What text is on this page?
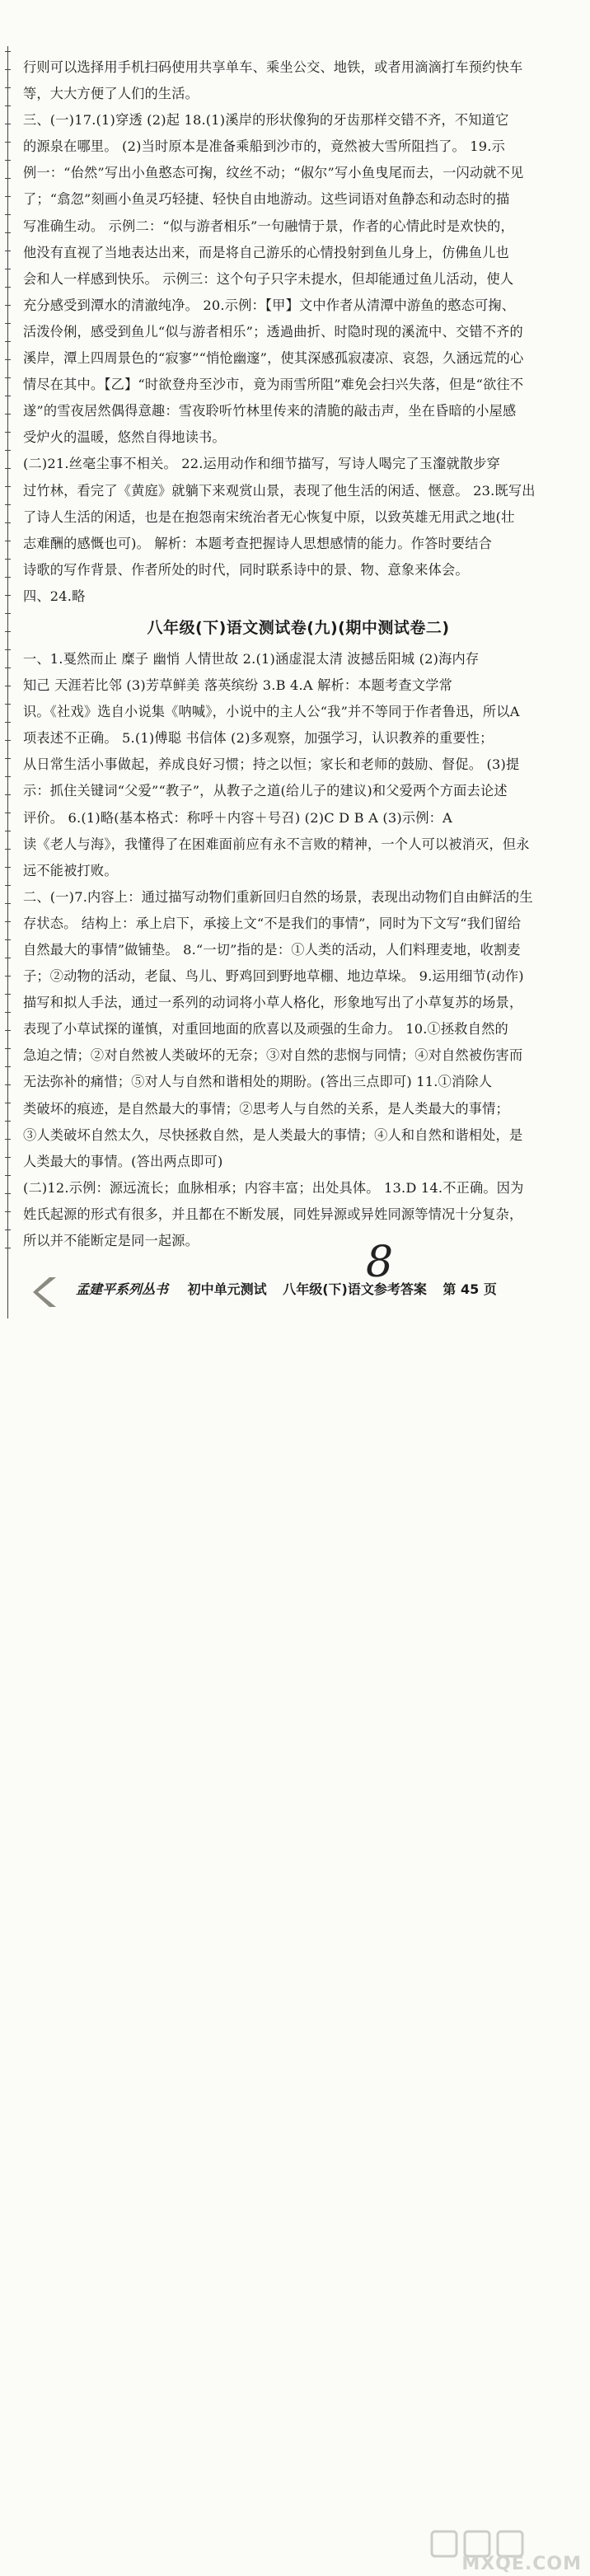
行则可以选择用手机扫码使用共享单车、乘坐公交、地铁，或者用滴滴打车预约快车
等，大大方便了人们的生活。
三、(一)17.(1)穿透 (2)起 18.(1)溪岸的形状像狗的牙齿那样交错不齐，不知道它
的源泉在哪里。 (2)当时原本是准备乘船到沙市的，竟然被大雪所阻挡了。 19.示
例一：“佁然”写出小鱼憨态可掬，纹丝不动；“俶尔”写小鱼曳尾而去，一闪动就不见
了；“翕忽”刻画小鱼灵巧轻捷、轻快自由地游动。这些词语对鱼静态和动态时的描
写准确生动。 示例二：“似与游者相乐”一句融情于景，作者的心情此时是欢快的，
他没有直视了当地表达出来，而是将自己游乐的心情投射到鱼儿身上，仿佛鱼儿也
会和人一样感到快乐。 示例三：这个句子只字未提水，但却能通过鱼儿活动，使人
充分感受到潭水的清澈纯净。 20.示例：【甲】文中作者从清潭中游鱼的憨态可掬、
活泼伶俐，感受到鱼儿“似与游者相乐”；透過曲折、时隐时现的溪流中、交错不齐的
溪岸，潭上四周景色的“寂寥”“悄怆幽邃”，使其深感孤寂凄凉、哀怨，久涵远荒的心
情尽在其中。【乙】“时欲登舟至沙市，竟为雨雪所阻”难免会扫兴失落，但是“欲往不
遂”的雪夜居然偶得意趣：雪夜聆听竹林里传来的清脆的敲击声，坐在昏暗的小屋感
受炉火的温暖，悠然自得地读书。
(二)21.丝毫尘事不相关。 22.运用动作和细节描写，写诗人喝完了玉瀣就散步穿
过竹林，看完了《黄庭》就躺下来观赏山景，表现了他生活的闲适、惬意。 23.既写出
了诗人生活的闲适，也是在抱怨南宋统治者无心恢复中原，以致英雄无用武之地(壮
志难酬的感慨也可)。 解析：本题考查把握诗人思想感情的能力。作答时要结合
诗歌的写作背景、作者所处的时代，同时联系诗中的景、物、意象来体会。
四、24.略
八年级(下)语文测试卷(九)(期中测试卷二)
一、1.戛然而止 糜子 幽悄 人情世故 2.(1)涵虚混太清 波撼岳阳城 (2)海内存
知己 天涯若比邻 (3)芳草鲜美 落英缤纷 3.B 4.A 解析：本题考查文学常
识。《社戏》选自小说集《呐喊》，小说中的主人公“我”并不等同于作者鲁迅，所以A
项表述不正确。 5.(1)傅聪 书信体 (2)多观察，加强学习，认识教养的重要性；
从日常生活小事做起，养成良好习惯；持之以恒；家长和老师的鼓励、督促。 (3)提
示：抓住关键词“父爱”“教子”，从教子之道(给儿子的建议)和父爱两个方面去论述
评价。 6.(1)略(基本格式：称呼＋内容＋号召) (2)C D B A (3)示例：A
读《老人与海》，我懂得了在困难面前应有永不言败的精神，一个人可以被消灭，但永
远不能被打败。
二、(一)7.内容上：通过描写动物们重新回归自然的场景，表现出动物们自由鲜活的生
存状态。 结构上：承上启下，承接上文“不是我们的事情”，同时为下文写“我们留给
自然最大的事情”做铺垫。 8.“一切”指的是：①人类的活动，人们料理麦地，收割麦
子；②动物的活动，老鼠、鸟儿、野鸡回到野地草棚、地边草垛。 9.运用细节(动作)
描写和拟人手法，通过一系列的动词将小草人格化，形象地写出了小草复苏的场景，
表现了小草试探的谨慎，对重回地面的欣喜以及顽强的生命力。 10.①拯救自然的
急迫之情；②对自然被人类破坏的无奈；③对自然的悲悯与同情；④对自然被伤害而
无法弥补的痛惜；⑤对人与自然和谐相处的期盼。(答出三点即可) 11.①消除人
类破坏的痕迹，是自然最大的事情；②思考人与自然的关系，是人类最大的事情；
③人类破坏自然太久，尽快拯救自然，是人类最大的事情；④人和自然和谐相处，是
人类最大的事情。(答出两点即可)
(二)12.示例：源远流长；血脉相承；内容丰富；出处具体。 13.D 14.不正确。因为
姓氏起源的形式有很多，并且都在不断发展，同姓异源或异姓同源等情况十分复杂，
所以并不能断定是同一起源。	8
孟建平系列丛书 初中单元测试 八年级(下)语文参考答案 第 45 页
MXQE.COM
